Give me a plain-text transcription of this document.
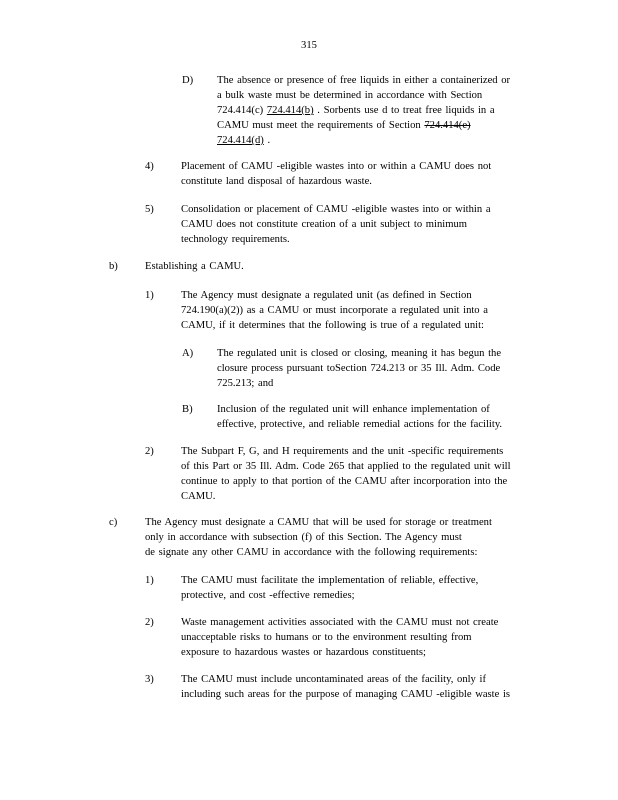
315
D) The absence or presence of free liquids in either a containerized or
a bulk waste must be determined in accordance with Section
724.414(c) 724.414(b) . Sorbents use d to treat free liquids in a
CAMU must meet the requirements of Section 724.414(e)
724.414(d) .
4)	Placement of CAMU -eligible wastes into or within a CAMU does not
constitute land disposal of hazardous waste.
5)	Consolidation or placement of CAMU -eligible wastes into or within a
CAMU does not constitute creation of a unit subject to minimum
technology requirements.
b)	Establishing a CAMU.
1)	The Agency must designate a regulated unit (as defined in Section
724.190(a)(2)) as a CAMU or must incorporate a regulated unit into a
CAMU, if it determines that the following is true of a regulated unit:
A) The regulated unit is closed or closing, meaning it has begun the
closure process pursuant toSection 724.213 or 35 Ill. Adm. Code
725.213; and
B) Inclusion of the regulated unit will enhance implementation of
effective, protective, and reliable remedial actions for the facility.
2)	The Subpart F, G, and H requirements and the unit -specific requirements
of this Part or 35 Ill. Adm. Code 265 that applied to the regulated unit will
continue to apply to that portion of the CAMU after incorporation into the
CAMU.
c)	The Agency must designate a CAMU that will be used for storage or treatment
only in accordance with subsection (f) of this Section. The Agency must
de signate any other CAMU in accordance with the following requirements:
1)	The CAMU must facilitate the implementation of reliable, effective,
protective, and cost -effective remedies;
2)	Waste management activities associated with the CAMU must not create
unacceptable risks to humans or to the environment resulting from
exposure to hazardous wastes or hazardous constituents;
3)	The CAMU must include uncontaminated areas of the facility, only if
including such areas for the purpose of managing CAMU -eligible waste is
